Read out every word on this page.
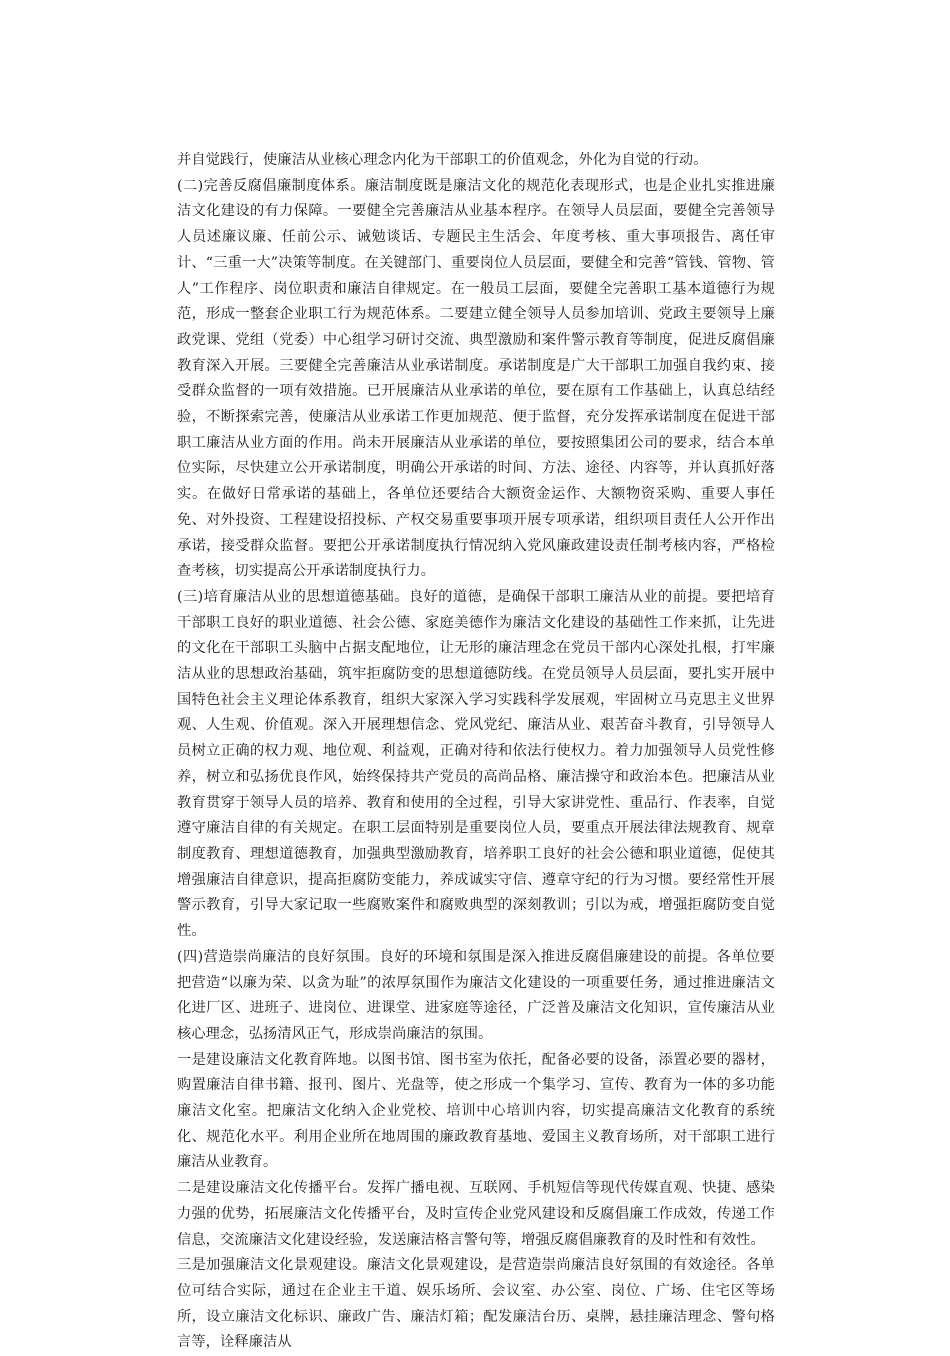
并自觉践行，使廉洁从业核心理念内化为干部职工的价值观念，外化为自觉的行动。

(二)完善反腐倡廉制度体系。廉洁制度既是廉洁文化的规范化表现形式，也是企业扎实推进廉洁文化建设的有力保障。一要健全完善廉洁从业基本程序。在领导人员层面，要健全完善领导人员述廉议廉、任前公示、诫勉谈话、专题民主生活会、年度考核、重大事项报告、离任审计、“三重一大”决策等制度。在关键部门、重要岗位人员层面，要健全和完善“管钱、管物、管人”工作程序、岗位职责和廉洁自律规定。在一般员工层面，要健全完善职工基本道德行为规范，形成一整套企业职工行为规范体系。二要建立健全领导人员参加培训、党政主要领导上廉政党课、党组（党委）中心组学习研讨交流、典型激励和案件警示教育等制度，促进反腐倡廉教育深入开展。三要健全完善廉洁从业承诺制度。承诺制度是广大干部职工加强自我约束、接受群众监督的一项有效措施。已开展廉洁从业承诺的单位，要在原有工作基础上，认真总结经验，不断探索完善，使廉洁从业承诺工作更加规范、便于监督，充分发挥承诺制度在促进干部职工廉洁从业方面的作用。尚未开展廉洁从业承诺的单位，要按照集团公司的要求，结合本单位实际，尽快建立公开承诺制度，明确公开承诺的时间、方法、途径、内容等，并认真抓好落实。在做好日常承诺的基础上，各单位还要结合大额资金运作、大额物资采购、重要人事任免、对外投资、工程建设招投标、产权交易重要事项开展专项承诺，组织项目责任人公开作出承诺，接受群众监督。要把公开承诺制度执行情况纳入党风廉政建设责任制考核内容，严格检查考核，切实提高公开承诺制度执行力。

(三)培育廉洁从业的思想道德基础。良好的道德，是确保干部职工廉洁从业的前提。要把培育干部职工良好的职业道德、社会公德、家庭美德作为廉洁文化建设的基础性工作来抓，让先进的文化在干部职工头脑中占据支配地位，让无形的廉洁理念在党员干部内心深处扎根，打牢廉洁从业的思想政治基础，筑牢拒腐防变的思想道德防线。在党员领导人员层面，要扎实开展中国特色社会主义理论体系教育，组织大家深入学习实践科学发展观，牢固树立马克思主义世界观、人生观、价值观。深入开展理想信念、党风党纪、廉洁从业、艰苦奋斗教育，引导领导人员树立正确的权力观、地位观、利益观，正确对待和依法行使权力。着力加强领导人员党性修养，树立和弘扬优良作风，始终保持共产党员的高尚品格、廉洁操守和政治本色。把廉洁从业教育贯穿于领导人员的培养、教育和使用的全过程，引导大家讲党性、重品行、作表率，自觉遵守廉洁自律的有关规定。在职工层面特别是重要岗位人员，要重点开展法律法规教育、规章制度教育、理想道德教育，加强典型激励教育，培养职工良好的社会公德和职业道德，促使其增强廉洁自律意识，提高拒腐防变能力，养成诚实守信、遵章守纪的行为习惯。要经常性开展警示教育，引导大家记取一些腐败案件和腐败典型的深刻教训；引以为戒，增强拒腐防变自觉性。

(四)营造崇尚廉洁的良好氛围。良好的环境和氛围是深入推进反腐倡廉建设的前提。各单位要把营造“以廉为荣、以贪为耻”的浓厚氛围作为廉洁文化建设的一项重要任务，通过推进廉洁文化进厂区、进班子、进岗位、进课堂、进家庭等途径，广泛普及廉洁文化知识，宣传廉洁从业核心理念，弘扬清风正气，形成崇尚廉洁的氛围。

一是建设廉洁文化教育阵地。以图书馆、图书室为依托，配备必要的设备，添置必要的器材，购置廉洁自律书籍、报刊、图片、光盘等，使之形成一个集学习、宣传、教育为一体的多功能廉洁文化室。把廉洁文化纳入企业党校、培训中心培训内容，切实提高廉洁文化教育的系统化、规范化水平。利用企业所在地周围的廉政教育基地、爱国主义教育场所，对干部职工进行廉洁从业教育。

二是建设廉洁文化传播平台。发挥广播电视、互联网、手机短信等现代传媒直观、快捷、感染力强的优势，拓展廉洁文化传播平台，及时宣传企业党风建设和反腐倡廉工作成效，传递工作信息，交流廉洁文化建设经验，发送廉洁格言警句等，增强反腐倡廉教育的及时性和有效性。

三是加强廉洁文化景观建设。廉洁文化景观建设，是营造崇尚廉洁良好氛围的有效途径。各单位可结合实际，通过在企业主干道、娱乐场所、会议室、办公室、岗位、广场、住宅区等场所，设立廉洁文化标识、廉政广告、廉洁灯箱；配发廉洁台历、桌牌，悬挂廉洁理念、警句格言等，诠释廉洁从
